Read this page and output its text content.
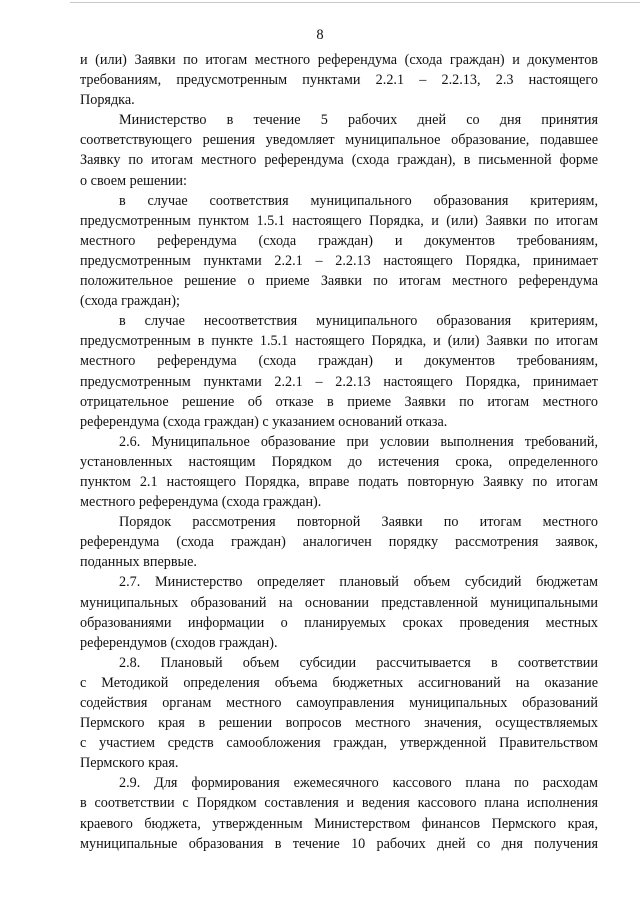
8
и (или) Заявки по итогам местного референдума (схода граждан) и документов
требованиям, предусмотренным пунктами 2.2.1 – 2.2.13, 2.3 настоящего
Порядка.
Министерство в течение 5 рабочих дней со дня принятия
соответствующего решения уведомляет муниципальное образование, подавшее
Заявку по итогам местного референдума (схода граждан), в письменной форме
о своем решении:
в случае соответствия муниципального образования критериям,
предусмотренным пунктом 1.5.1 настоящего Порядка, и (или) Заявки по итогам
местного референдума (схода граждан) и документов требованиям,
предусмотренным пунктами 2.2.1 – 2.2.13 настоящего Порядка, принимает
положительное решение о приеме Заявки по итогам местного референдума
(схода граждан);
в случае несоответствия муниципального образования критериям,
предусмотренным в пункте 1.5.1 настоящего Порядка, и (или) Заявки по итогам
местного референдума (схода граждан) и документов требованиям,
предусмотренным пунктами 2.2.1 – 2.2.13 настоящего Порядка, принимает
отрицательное решение об отказе в приеме Заявки по итогам местного
референдума (схода граждан) с указанием оснований отказа.
2.6. Муниципальное образование при условии выполнения требований,
установленных настоящим Порядком до истечения срока, определенного
пунктом 2.1 настоящего Порядка, вправе подать повторную Заявку по итогам
местного референдума (схода граждан).
Порядок рассмотрения повторной Заявки по итогам местного
референдума (схода граждан) аналогичен порядку рассмотрения заявок,
поданных впервые.
2.7. Министерство определяет плановый объем субсидий бюджетам
муниципальных образований на основании представленной муниципальными
образованиями информации о планируемых сроках проведения местных
референдумов (сходов граждан).
2.8. Плановый объем субсидии рассчитывается в соответствии
с Методикой определения объема бюджетных ассигнований на оказание
содействия органам местного самоуправления муниципальных образований
Пермского края в решении вопросов местного значения, осуществляемых
с участием средств самообложения граждан, утвержденной Правительством
Пермского края.
2.9. Для формирования ежемесячного кассового плана по расходам
в соответствии с Порядком составления и ведения кассового плана исполнения
краевого бюджета, утвержденным Министерством финансов Пермского края,
муниципальные образования в течение 10 рабочих дней со дня получения
